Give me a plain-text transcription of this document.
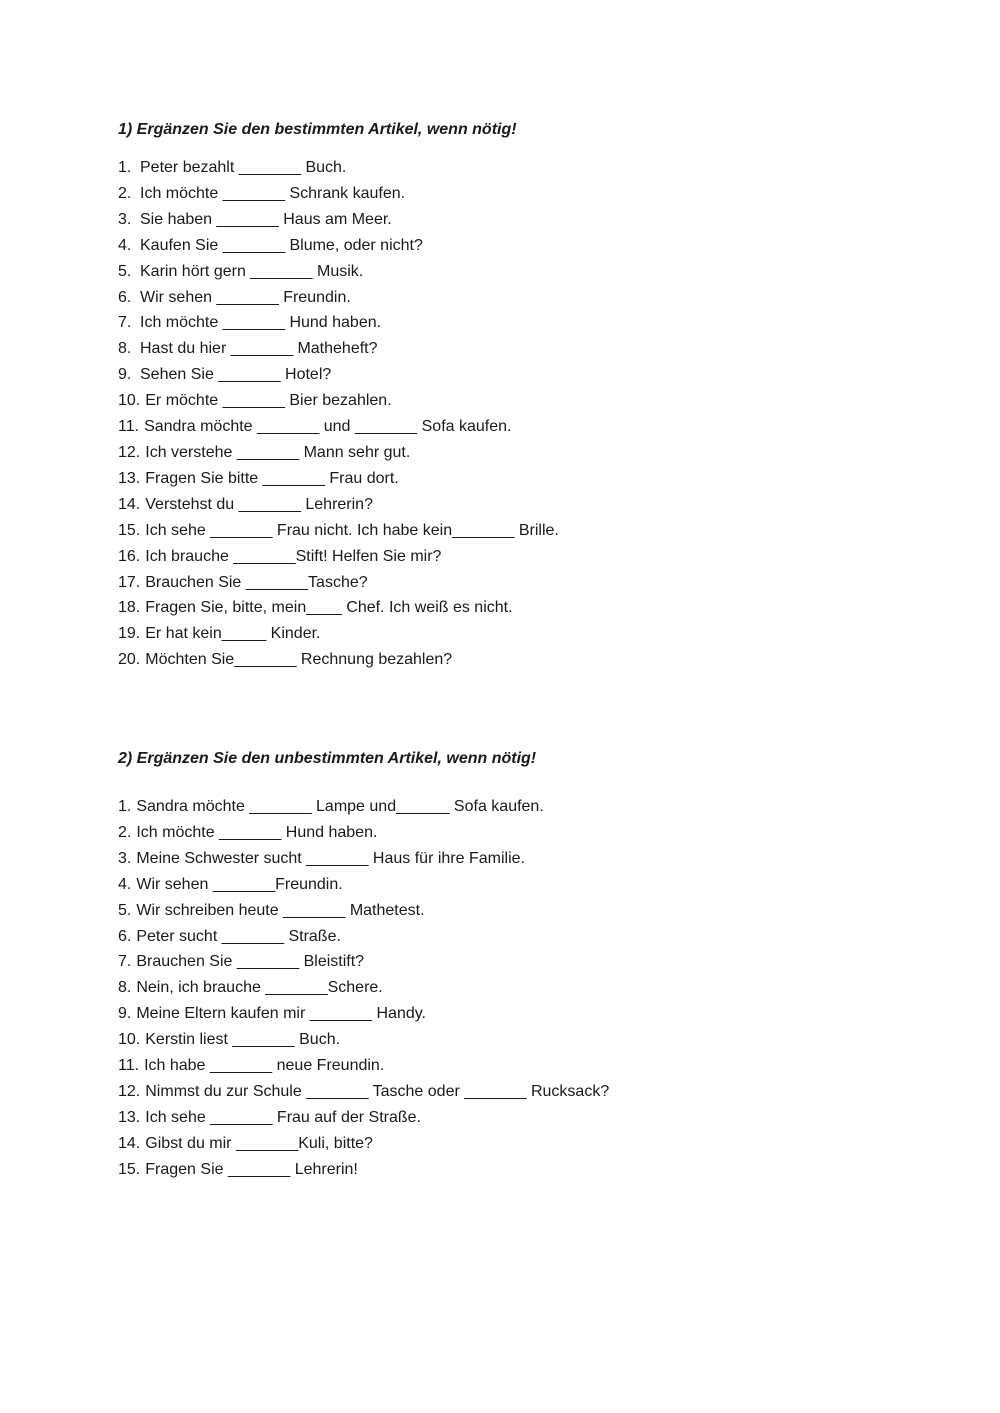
1) Ergänzen Sie den bestimmten Artikel, wenn nötig!

1. Peter bezahlt _______ Buch.
2. Ich möchte _______ Schrank kaufen.
3. Sie haben _______ Haus am Meer.
4. Kaufen Sie _______ Blume, oder nicht?
5. Karin hört gern _______ Musik.
6. Wir sehen _______ Freundin.
7. Ich möchte _______ Hund haben.
8. Hast du hier _______ Matheheft?
9. Sehen Sie _______ Hotel?
10. Er möchte _______ Bier bezahlen.
11. Sandra möchte _______ und _______ Sofa kaufen.
12. Ich verstehe _______ Mann sehr gut.
13. Fragen Sie bitte _______ Frau dort.
14. Verstehst du _______ Lehrerin?
15. Ich sehe _______ Frau nicht. Ich habe kein_______ Brille.
16. Ich brauche _______Stift! Helfen Sie mir?
17. Brauchen Sie _______Tasche?
18. Fragen Sie, bitte, mein____ Chef. Ich weiß es nicht.
19. Er hat kein_____ Kinder.
20. Möchten Sie_______ Rechnung bezahlen?

2) Ergänzen Sie den unbestimmten Artikel, wenn nötig!

1. Sandra möchte _______ Lampe und______ Sofa kaufen.
2. Ich möchte _______ Hund haben.
3. Meine Schwester sucht _______ Haus für ihre Familie.
4. Wir sehen _______Freundin.
5. Wir schreiben heute _______ Mathetest.
6. Peter sucht _______ Straße.
7. Brauchen Sie _______ Bleistift?
8. Nein, ich brauche _______Schere.
9. Meine Eltern kaufen mir _______ Handy.
10. Kerstin liest _______ Buch.
11. Ich habe _______ neue Freundin.
12. Nimmst du zur Schule _______ Tasche oder _______ Rucksack?
13. Ich sehe _______ Frau auf der Straße.
14. Gibst du mir _______Kuli, bitte?
15. Fragen Sie _______ Lehrerin!
